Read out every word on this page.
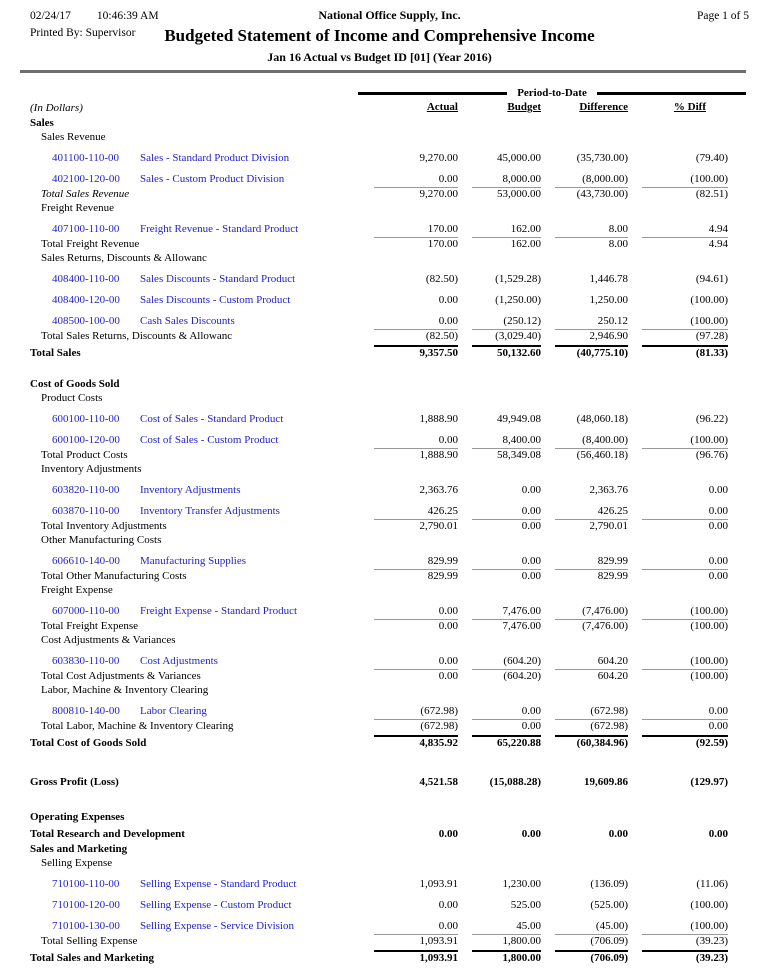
02/24/17 10:46:39 AM	National Office Supply, Inc.	Page 1 of 5
Printed By: Supervisor	Budgeted Statement of Income and Comprehensive Income
Jan 16 Actual vs Budget ID [01] (Year 2016)
Period-to-Date
(In Dollars)	Actual	Budget	Difference	% Diff
Sales
Sales Revenue
401100-110-00 Sales - Standard Product Division	9,270.00	45,000.00	(35,730.00)	(79.40)
402100-120-00 Sales - Custom Product Division	0.00	8,000.00	(8,000.00)	(100.00)
Total Sales Revenue	9,270.00	53,000.00	(43,730.00)	(82.51)
Freight Revenue
407100-110-00 Freight Revenue - Standard Product	170.00	162.00	8.00	4.94
Total Freight Revenue	170.00	162.00	8.00	4.94
Sales Returns, Discounts & Allowanc
408400-110-00 Sales Discounts - Standard Product	(82.50)	(1,529.28)	1,446.78	(94.61)
408400-120-00 Sales Discounts - Custom Product	0.00	(1,250.00)	1,250.00	(100.00)
408500-100-00 Cash Sales Discounts	0.00	(250.12)	250.12	(100.00)
Total Sales Returns, Discounts & Allowanc	(82.50)	(3,029.40)	2,946.90	(97.28)
Total Sales	9,357.50	50,132.60	(40,775.10)	(81.33)
Cost of Goods Sold
Product Costs
600100-110-00 Cost of Sales - Standard Product	1,888.90	49,949.08	(48,060.18)	(96.22)
600100-120-00 Cost of Sales - Custom Product	0.00	8,400.00	(8,400.00)	(100.00)
Total Product Costs	1,888.90	58,349.08	(56,460.18)	(96.76)
Inventory Adjustments
603820-110-00 Inventory Adjustments	2,363.76	0.00	2,363.76	0.00
603870-110-00 Inventory Transfer Adjustments	426.25	0.00	426.25	0.00
Total Inventory Adjustments	2,790.01	0.00	2,790.01	0.00
Other Manufacturing Costs
606610-140-00 Manufacturing Supplies	829.99	0.00	829.99	0.00
Total Other Manufacturing Costs	829.99	0.00	829.99	0.00
Freight Expense
607000-110-00 Freight Expense - Standard Product	0.00	7,476.00	(7,476.00)	(100.00)
Total Freight Expense	0.00	7,476.00	(7,476.00)	(100.00)
Cost Adjustments & Variances
603830-110-00 Cost Adjustments	0.00	(604.20)	604.20	(100.00)
Total Cost Adjustments & Variances	0.00	(604.20)	604.20	(100.00)
Labor, Machine & Inventory Clearing
800810-140-00 Labor Clearing	(672.98)	0.00	(672.98)	0.00
Total Labor, Machine & Inventory Clearing	(672.98)	0.00	(672.98)	0.00
Total Cost of Goods Sold	4,835.92	65,220.88	(60,384.96)	(92.59)
Gross Profit (Loss)	4,521.58	(15,088.28)	19,609.86	(129.97)
Operating Expenses
Total Research and Development	0.00	0.00	0.00	0.00
Sales and Marketing
Selling Expense
710100-110-00 Selling Expense - Standard Product	1,093.91	1,230.00	(136.09)	(11.06)
710100-120-00 Selling Expense - Custom Product	0.00	525.00	(525.00)	(100.00)
710100-130-00 Selling Expense - Service Division	0.00	45.00	(45.00)	(100.00)
Total Selling Expense	1,093.91	1,800.00	(706.09)	(39.23)
Total Sales and Marketing	1,093.91	1,800.00	(706.09)	(39.23)
